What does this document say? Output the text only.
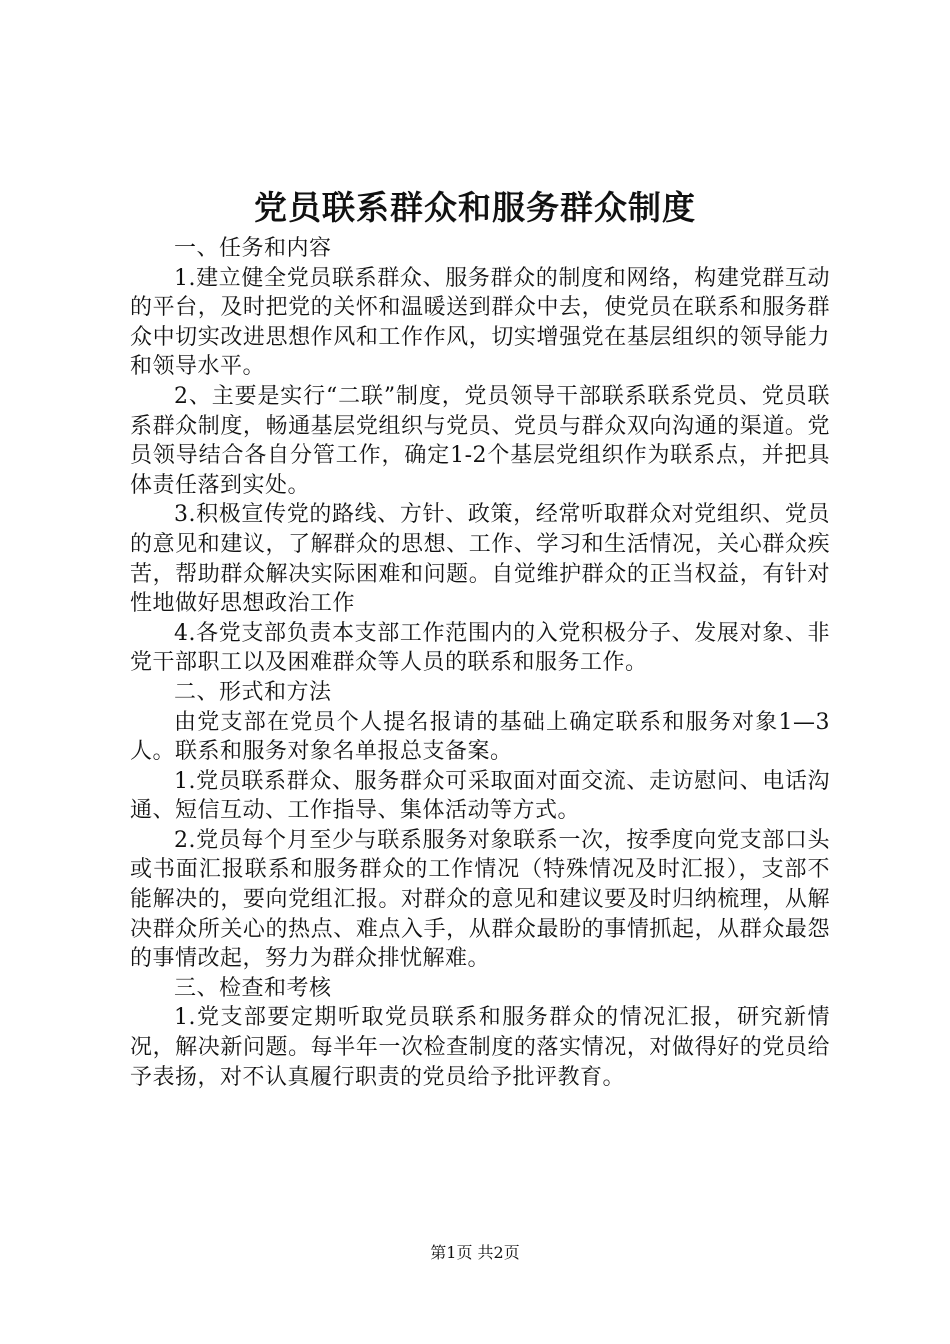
党员联系群众和服务群众制度

一、任务和内容

1.建立健全党员联系群众、服务群众的制度和网络，构建党群互动的平台，及时把党的关怀和温暖送到群众中去，使党员在联系和服务群众中切实改进思想作风和工作作风，切实增强党在基层组织的领导能力和领导水平。

2、主要是实行“二联”制度，党员领导干部联系联系党员、党员联系群众制度，畅通基层党组织与党员、党员与群众双向沟通的渠道。党员领导结合各自分管工作，确定1-2个基层党组织作为联系点，并把具体责任落到实处。

3.积极宣传党的路线、方针、政策，经常听取群众对党组织、党员的意见和建议，了解群众的思想、工作、学习和生活情况，关心群众疾苦，帮助群众解决实际困难和问题。自觉维护群众的正当权益，有针对性地做好思想政治工作

4.各党支部负责本支部工作范围内的入党积极分子、发展对象、非党干部职工以及困难群众等人员的联系和服务工作。

二、形式和方法

由党支部在党员个人提名报请的基础上确定联系和服务对象1—3人。联系和服务对象名单报总支备案。

1.党员联系群众、服务群众可采取面对面交流、走访慰问、电话沟通、短信互动、工作指导、集体活动等方式。

2.党员每个月至少与联系服务对象联系一次，按季度向党支部口头或书面汇报联系和服务群众的工作情况（特殊情况及时汇报），支部不能解决的，要向党组汇报。对群众的意见和建议要及时归纳梳理，从解决群众所关心的热点、难点入手，从群众最盼的事情抓起，从群众最怨的事情改起，努力为群众排忧解难。

三、检查和考核

1.党支部要定期听取党员联系和服务群众的情况汇报，研究新情况，解决新问题。每半年一次检查制度的落实情况，对做得好的党员给予表扬，对不认真履行职责的党员给予批评教育。

第1页 共2页
